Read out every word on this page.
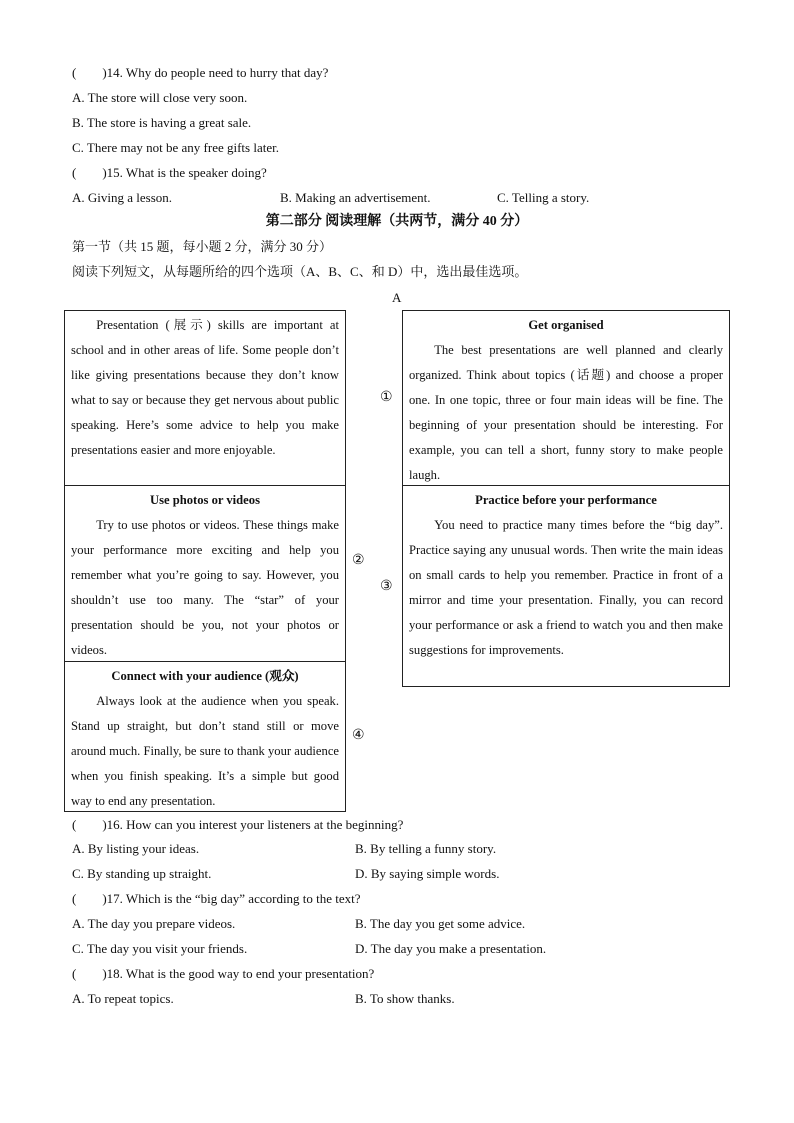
(　　)14. Why do people need to hurry that day?
A. The store will close very soon.
B. The store is having a great sale.
C. There may not be any free gifts later.
(　　)15. What is the speaker doing?
A. Giving a lesson.	B. Making an advertisement.	C. Telling a story.
第二部分 阅读理解（共两节，满分 40 分）
第一节（共 15 题，每小题 2 分，满分 30 分）
阅读下列短文，从每题所给的四个选项（A、B、C、和 D）中，选出最佳选项。
A
Presentation (展示) skills are important at school and in other areas of life. Some people don’t like giving presentations because they don’t know what to say or because they get nervous about public speaking. Here’s some advice to help you make presentations easier and more enjoyable.
Use photos or videos
Try to use photos or videos. These things make your performance more exciting and help you remember what you’re going to say. However, you shouldn’t use too many. The “star” of your presentation should be you, not your photos or videos.
Connect with your audience (观众)
Always look at the audience when you speak. Stand up straight, but don’t stand still or move around much. Finally, be sure to thank your audience when you finish speaking. It’s a simple but good way to end any presentation.
Get organised
The best presentations are well planned and clearly organized. Think about topics (话题) and choose a proper one. In one topic, three or four main ideas will be fine. The beginning of your presentation should be interesting. For example, you can tell a short, funny story to make people laugh.
Practice before your performance
You need to practice many times before the “big day”. Practice saying any unusual words. Then write the main ideas on small cards to help you remember. Practice in front of a mirror and time your presentation. Finally, you can record your performance or ask a friend to watch you and then make suggestions for improvements.
①
②
③
④
(　　)16. How can you interest your listeners at the beginning?
A. By listing your ideas.	B. By telling a funny story.
C. By standing up straight.	D. By saying simple words.
(　　)17. Which is the “big day” according to the text?
A. The day you prepare videos.	B. The day you get some advice.
C. The day you visit your friends.	D. The day you make a presentation.
(　　)18. What is the good way to end your presentation?
A. To repeat topics.	B. To show thanks.
